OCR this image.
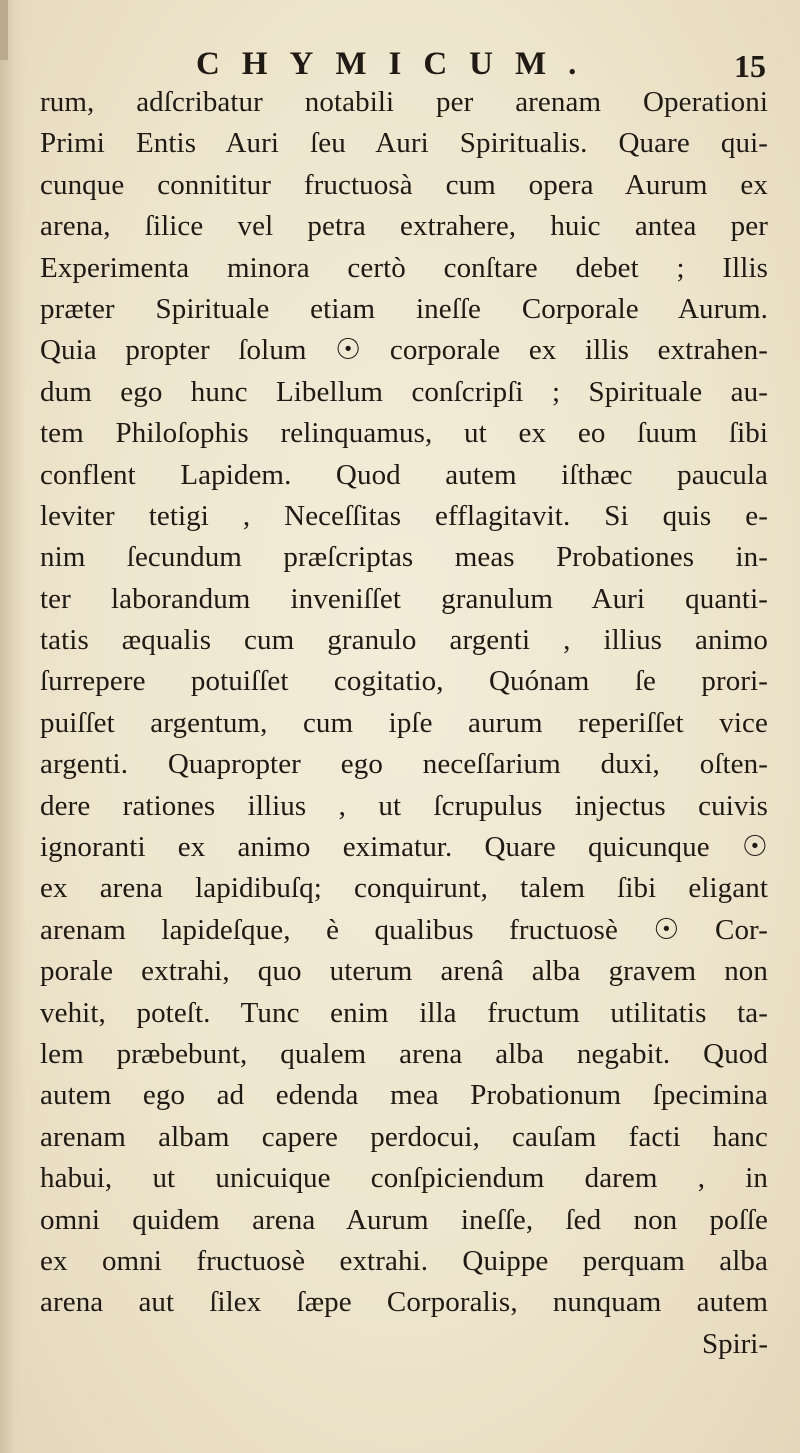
CHYMICUM.	15
rum, adſcribatur notabili per arenam Operationi
Primi Entis Auri ſeu Auri Spiritualis. Quare qui-
cunque connititur fructuosà cum opera Aurum ex
arena, ſilice vel petra extrahere, huic antea per
Experimenta minora certò conſtare debet ; Illis
præter Spirituale etiam ineſſe Corporale Aurum.
Quia propter ſolum ☉ corporale ex illis extrahen-
dum ego hunc Libellum conſcripſi ; Spirituale au-
tem Philoſophis relinquamus, ut ex eo ſuum ſibi
conflent Lapidem. Quod autem iſthæc paucula
leviter tetigi , Neceſſitas efflagitavit. Si quis e-
nim ſecundum præſcriptas meas Probationes in-
ter laborandum inveniſſet granulum Auri quanti-
tatis æqualis cum granulo argenti , illius animo
ſurrepere potuiſſet cogitatio, Quónam ſe prori-
puiſſet argentum, cum ipſe aurum reperiſſet vice
argenti. Quapropter ego neceſſarium duxi, oſten-
dere rationes illius , ut ſcrupulus injectus cuivis
ignoranti ex animo eximatur. Quare quicunque ☉
ex arena lapidibuſq; conquirunt, talem ſibi eligant
arenam lapideſque, è qualibus fructuosè ☉ Cor-
porale extrahi, quo uterum arenâ alba gravem non
vehit, poteſt. Tunc enim illa fructum utilitatis ta-
lem præbebunt, qualem arena alba negabit. Quod
autem ego ad edenda mea Probationum ſpecimina
arenam albam capere perdocui, cauſam facti hanc
habui, ut unicuique conſpiciendum darem , in
omni quidem arena Aurum ineſſe, ſed non poſſe
ex omni fructuosè extrahi. Quippe perquam alba
arena aut ſilex ſæpe Corporalis, nunquam autem
Spiri-
